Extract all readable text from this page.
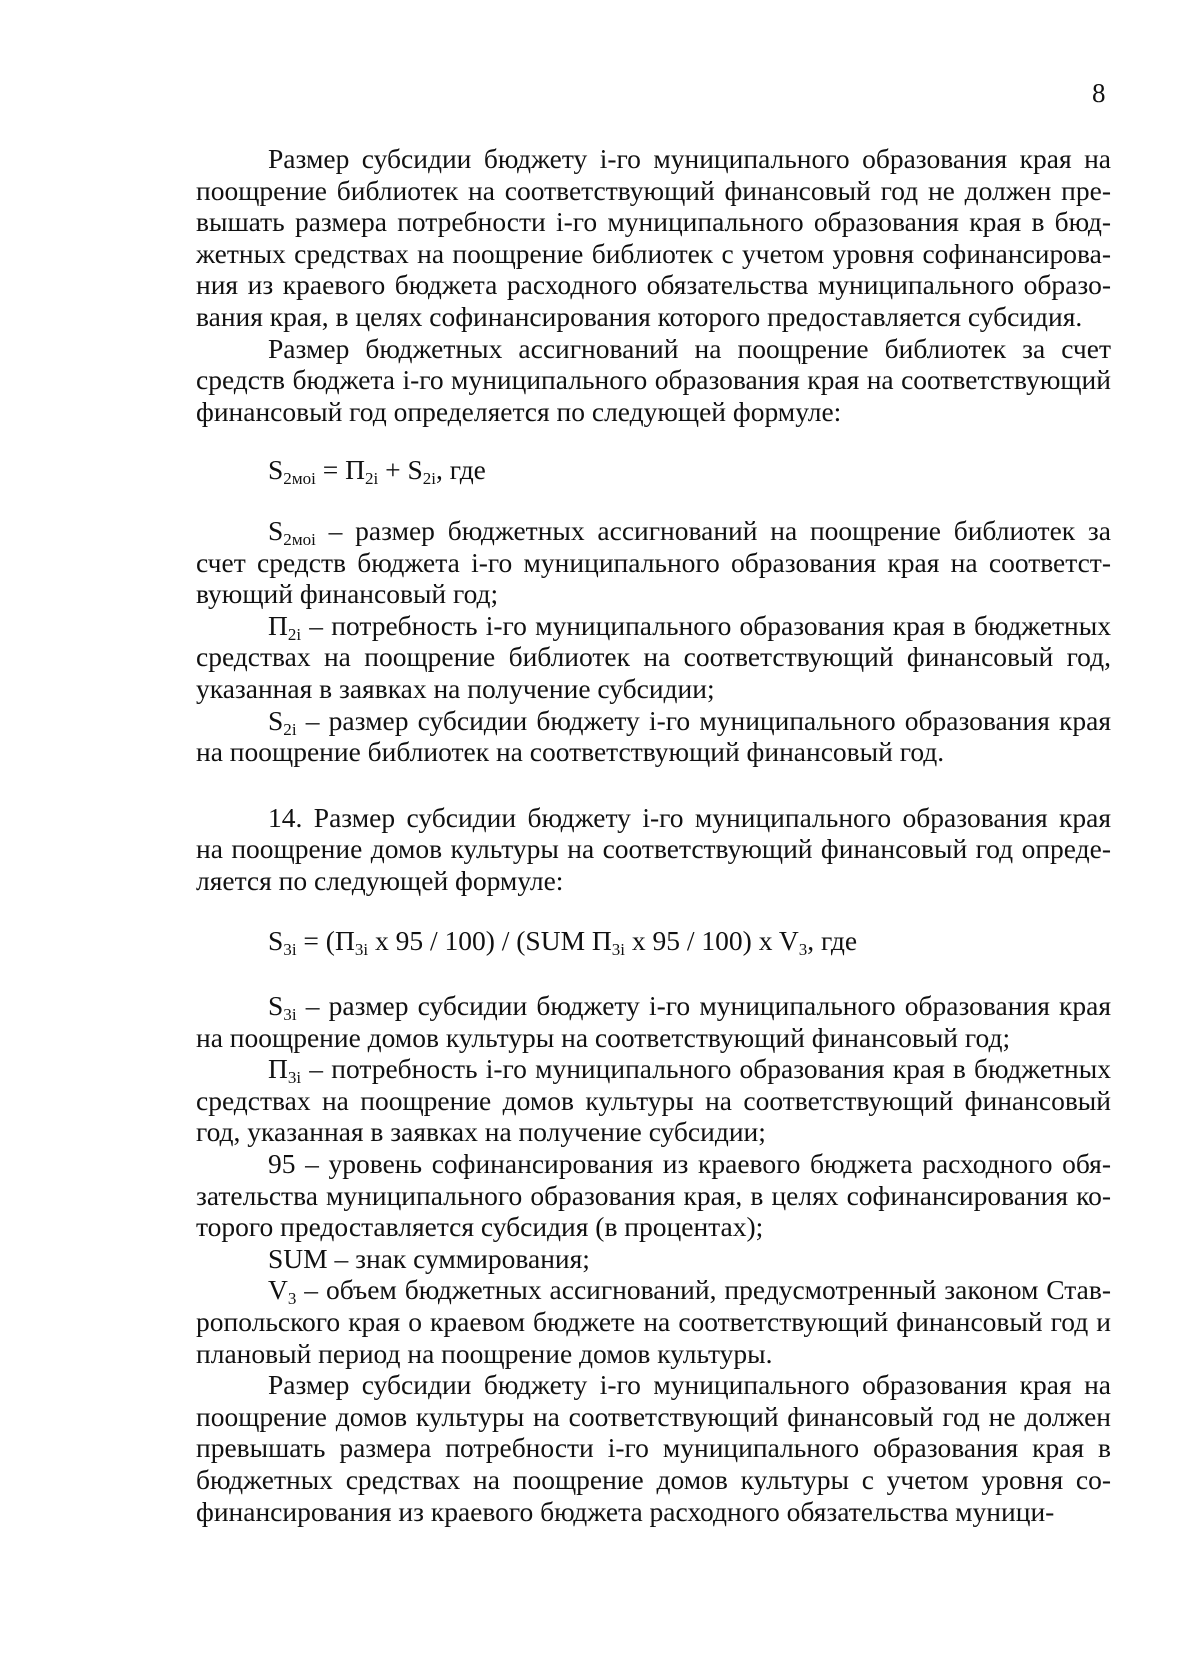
8

Размер субсидии бюджету i-го муниципального образования края на поощрение библиотек на соответствующий финансовый год не должен превышать размера потребности i-го муниципального образования края в бюджетных средствах на поощрение библиотек с учетом уровня софинансирования из краевого бюджета расходного обязательства муниципального образования края, в целях софинансирования которого предоставляется субсидия.

Размер бюджетных ассигнований на поощрение библиотек за счет средств бюджета i-го муниципального образования края на соответствующий финансовый год определяется по следующей формуле:

$S_{2мoi} = П_{2i} + S_{2i}$, где

$S_{2мoi}$ – размер бюджетных ассигнований на поощрение библиотек за счет средств бюджета i-го муниципального образования края на соответствующий финансовый год;

$П_{2i}$ – потребность i-го муниципального образования края в бюджетных средствах на поощрение библиотек на соответствующий финансовый год, указанная в заявках на получение субсидии;

$S_{2i}$ – размер субсидии бюджету i-го муниципального образования края на поощрение библиотек на соответствующий финансовый год.

14. Размер субсидии бюджету i-го муниципального образования края на поощрение домов культуры на соответствующий финансовый год определяется по следующей формуле:

$S_{3i} = (П_{3i}$ x 95 / 100) / (SUM $П_{3i}$ x 95 / 100) x $V_3$, где

$S_{3i}$ – размер субсидии бюджету i-го муниципального образования края на поощрение домов культуры на соответствующий финансовый год;

$П_{3i}$ – потребность i-го муниципального образования края в бюджетных средствах на поощрение домов культуры на соответствующий финансовый год, указанная в заявках на получение субсидии;

95 – уровень софинансирования из краевого бюджета расходного обязательства муниципального образования края, в целях софинансирования которого предоставляется субсидия (в процентах);

SUM – знак суммирования;

$V_3$ – объем бюджетных ассигнований, предусмотренный законом Ставропольского края о краевом бюджете на соответствующий финансовый год и плановый период на поощрение домов культуры.

Размер субсидии бюджету i-го муниципального образования края на поощрение домов культуры на соответствующий финансовый год не должен превышать размера потребности i-го муниципального образования края в бюджетных средствах на поощрение домов культуры с учетом уровня софинансирования из краевого бюджета расходного обязательства муници-
